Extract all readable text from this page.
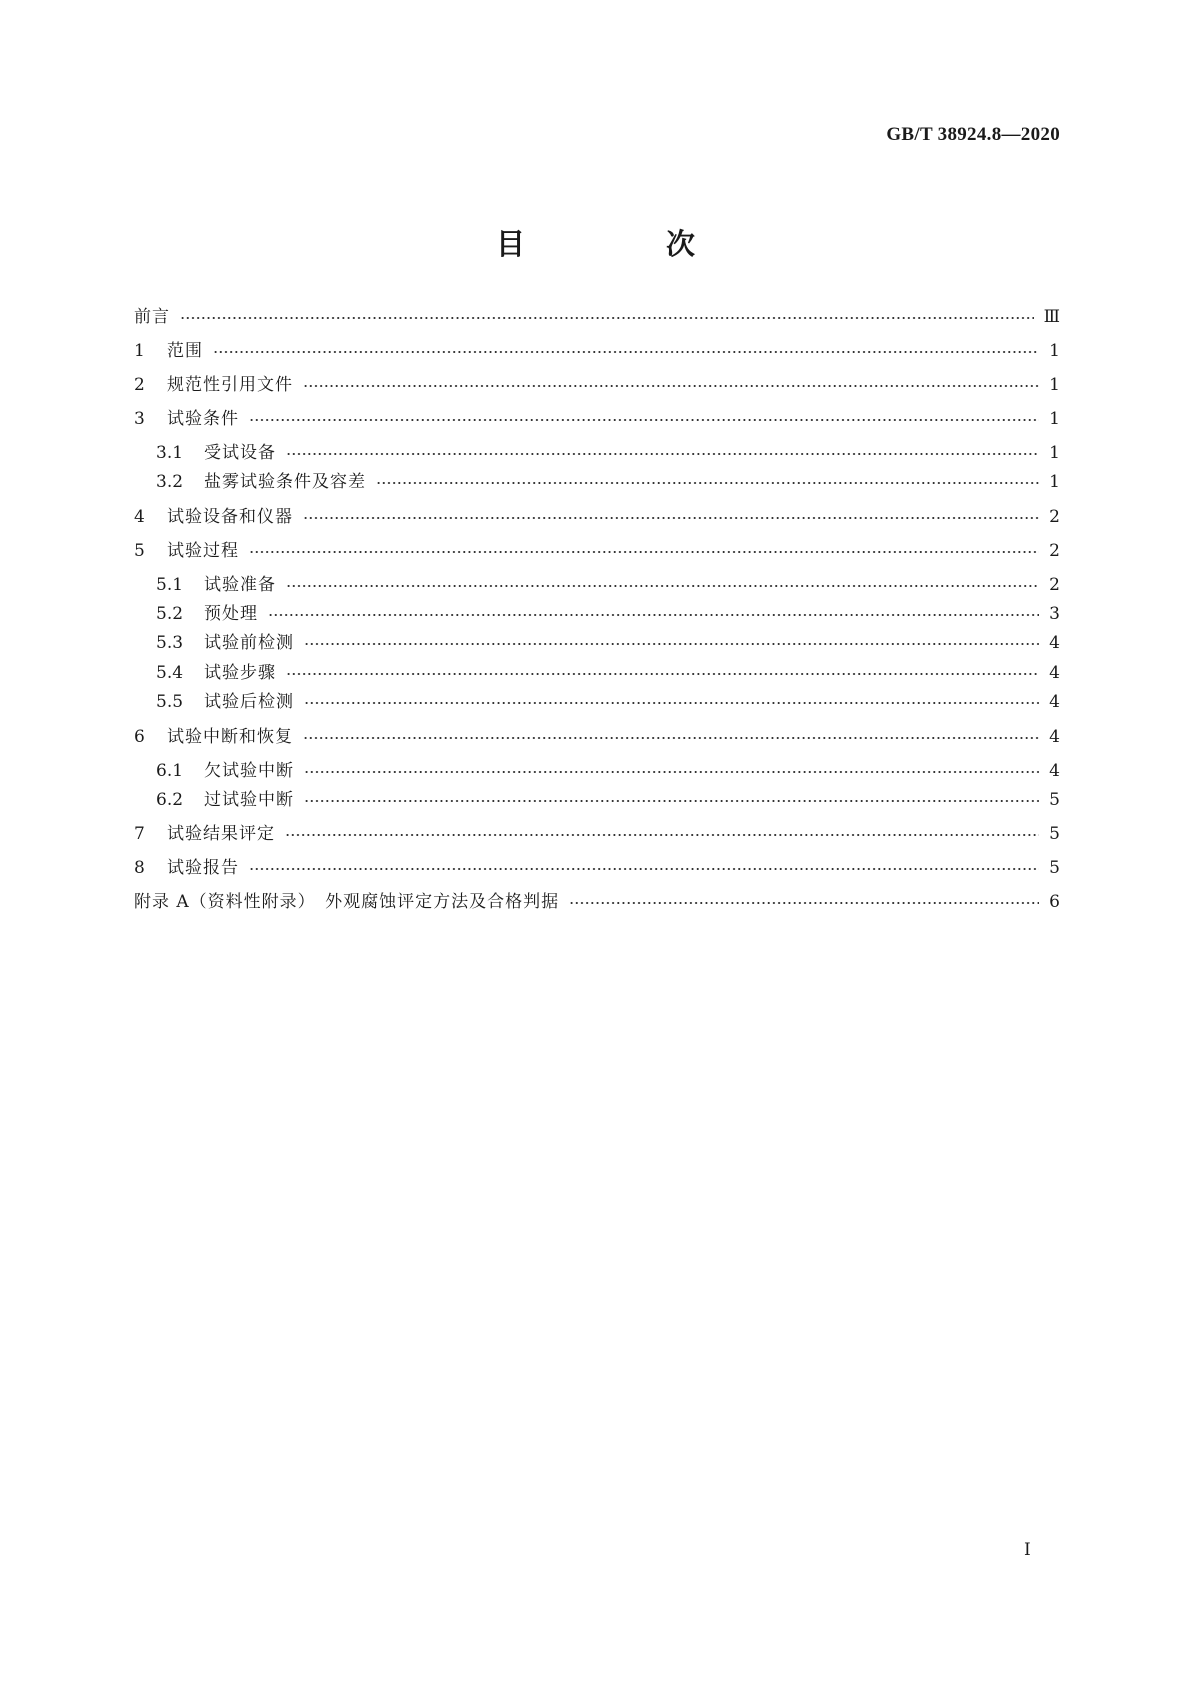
GB/T 38924.8—2020
目　次
前言	Ⅲ
1	范围	1
2	规范性引用文件	1
3	试验条件	1
3.1	受试设备	1
3.2	盐雾试验条件及容差	1
4	试验设备和仪器	2
5	试验过程	2
5.1	试验准备	2
5.2	预处理	3
5.3	试验前检测	4
5.4	试验步骤	4
5.5	试验后检测	4
6	试验中断和恢复	4
6.1	欠试验中断	4
6.2	过试验中断	5
7	试验结果评定	5
8	试验报告	5
附录 A（资料性附录）　外观腐蚀评定方法及合格判据	6
I
